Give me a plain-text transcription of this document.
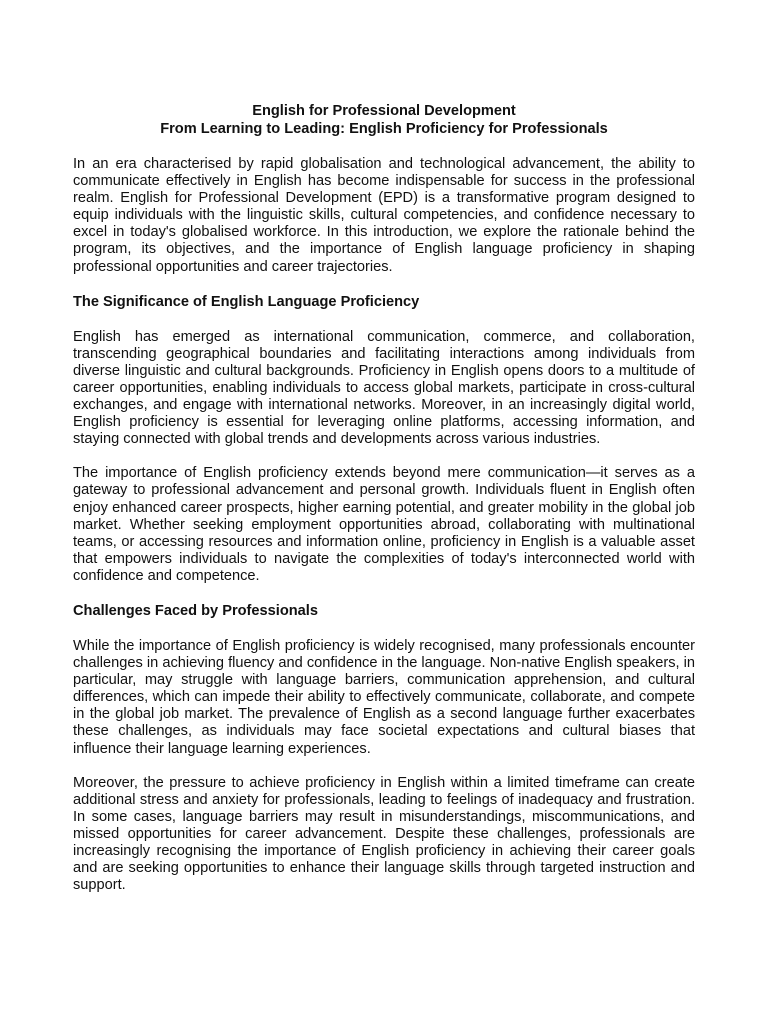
English for Professional Development
From Learning to Leading: English Proficiency for Professionals

In an era characterised by rapid globalisation and technological advancement, the ability to communicate effectively in English has become indispensable for success in the professional realm. English for Professional Development (EPD) is a transformative program designed to equip individuals with the linguistic skills, cultural competencies, and confidence necessary to excel in today's globalised workforce. In this introduction, we explore the rationale behind the program, its objectives, and the importance of English language proficiency in shaping professional opportunities and career trajectories.

The Significance of English Language Proficiency

English has emerged as international communication, commerce, and collaboration, transcending geographical boundaries and facilitating interactions among individuals from diverse linguistic and cultural backgrounds. Proficiency in English opens doors to a multitude of career opportunities, enabling individuals to access global markets, participate in cross-cultural exchanges, and engage with international networks. Moreover, in an increasingly digital world, English proficiency is essential for leveraging online platforms, accessing information, and staying connected with global trends and developments across various industries.

The importance of English proficiency extends beyond mere communication—it serves as a gateway to professional advancement and personal growth. Individuals fluent in English often enjoy enhanced career prospects, higher earning potential, and greater mobility in the global job market. Whether seeking employment opportunities abroad, collaborating with multinational teams, or accessing resources and information online, proficiency in English is a valuable asset that empowers individuals to navigate the complexities of today's interconnected world with confidence and competence.

Challenges Faced by Professionals

While the importance of English proficiency is widely recognised, many professionals encounter challenges in achieving fluency and confidence in the language. Non-native English speakers, in particular, may struggle with language barriers, communication apprehension, and cultural differences, which can impede their ability to effectively communicate, collaborate, and compete in the global job market. The prevalence of English as a second language further exacerbates these challenges, as individuals may face societal expectations and cultural biases that influence their language learning experiences.

Moreover, the pressure to achieve proficiency in English within a limited timeframe can create additional stress and anxiety for professionals, leading to feelings of inadequacy and frustration. In some cases, language barriers may result in misunderstandings, miscommunications, and missed opportunities for career advancement. Despite these challenges, professionals are increasingly recognising the importance of English proficiency in achieving their career goals and are seeking opportunities to enhance their language skills through targeted instruction and support.
